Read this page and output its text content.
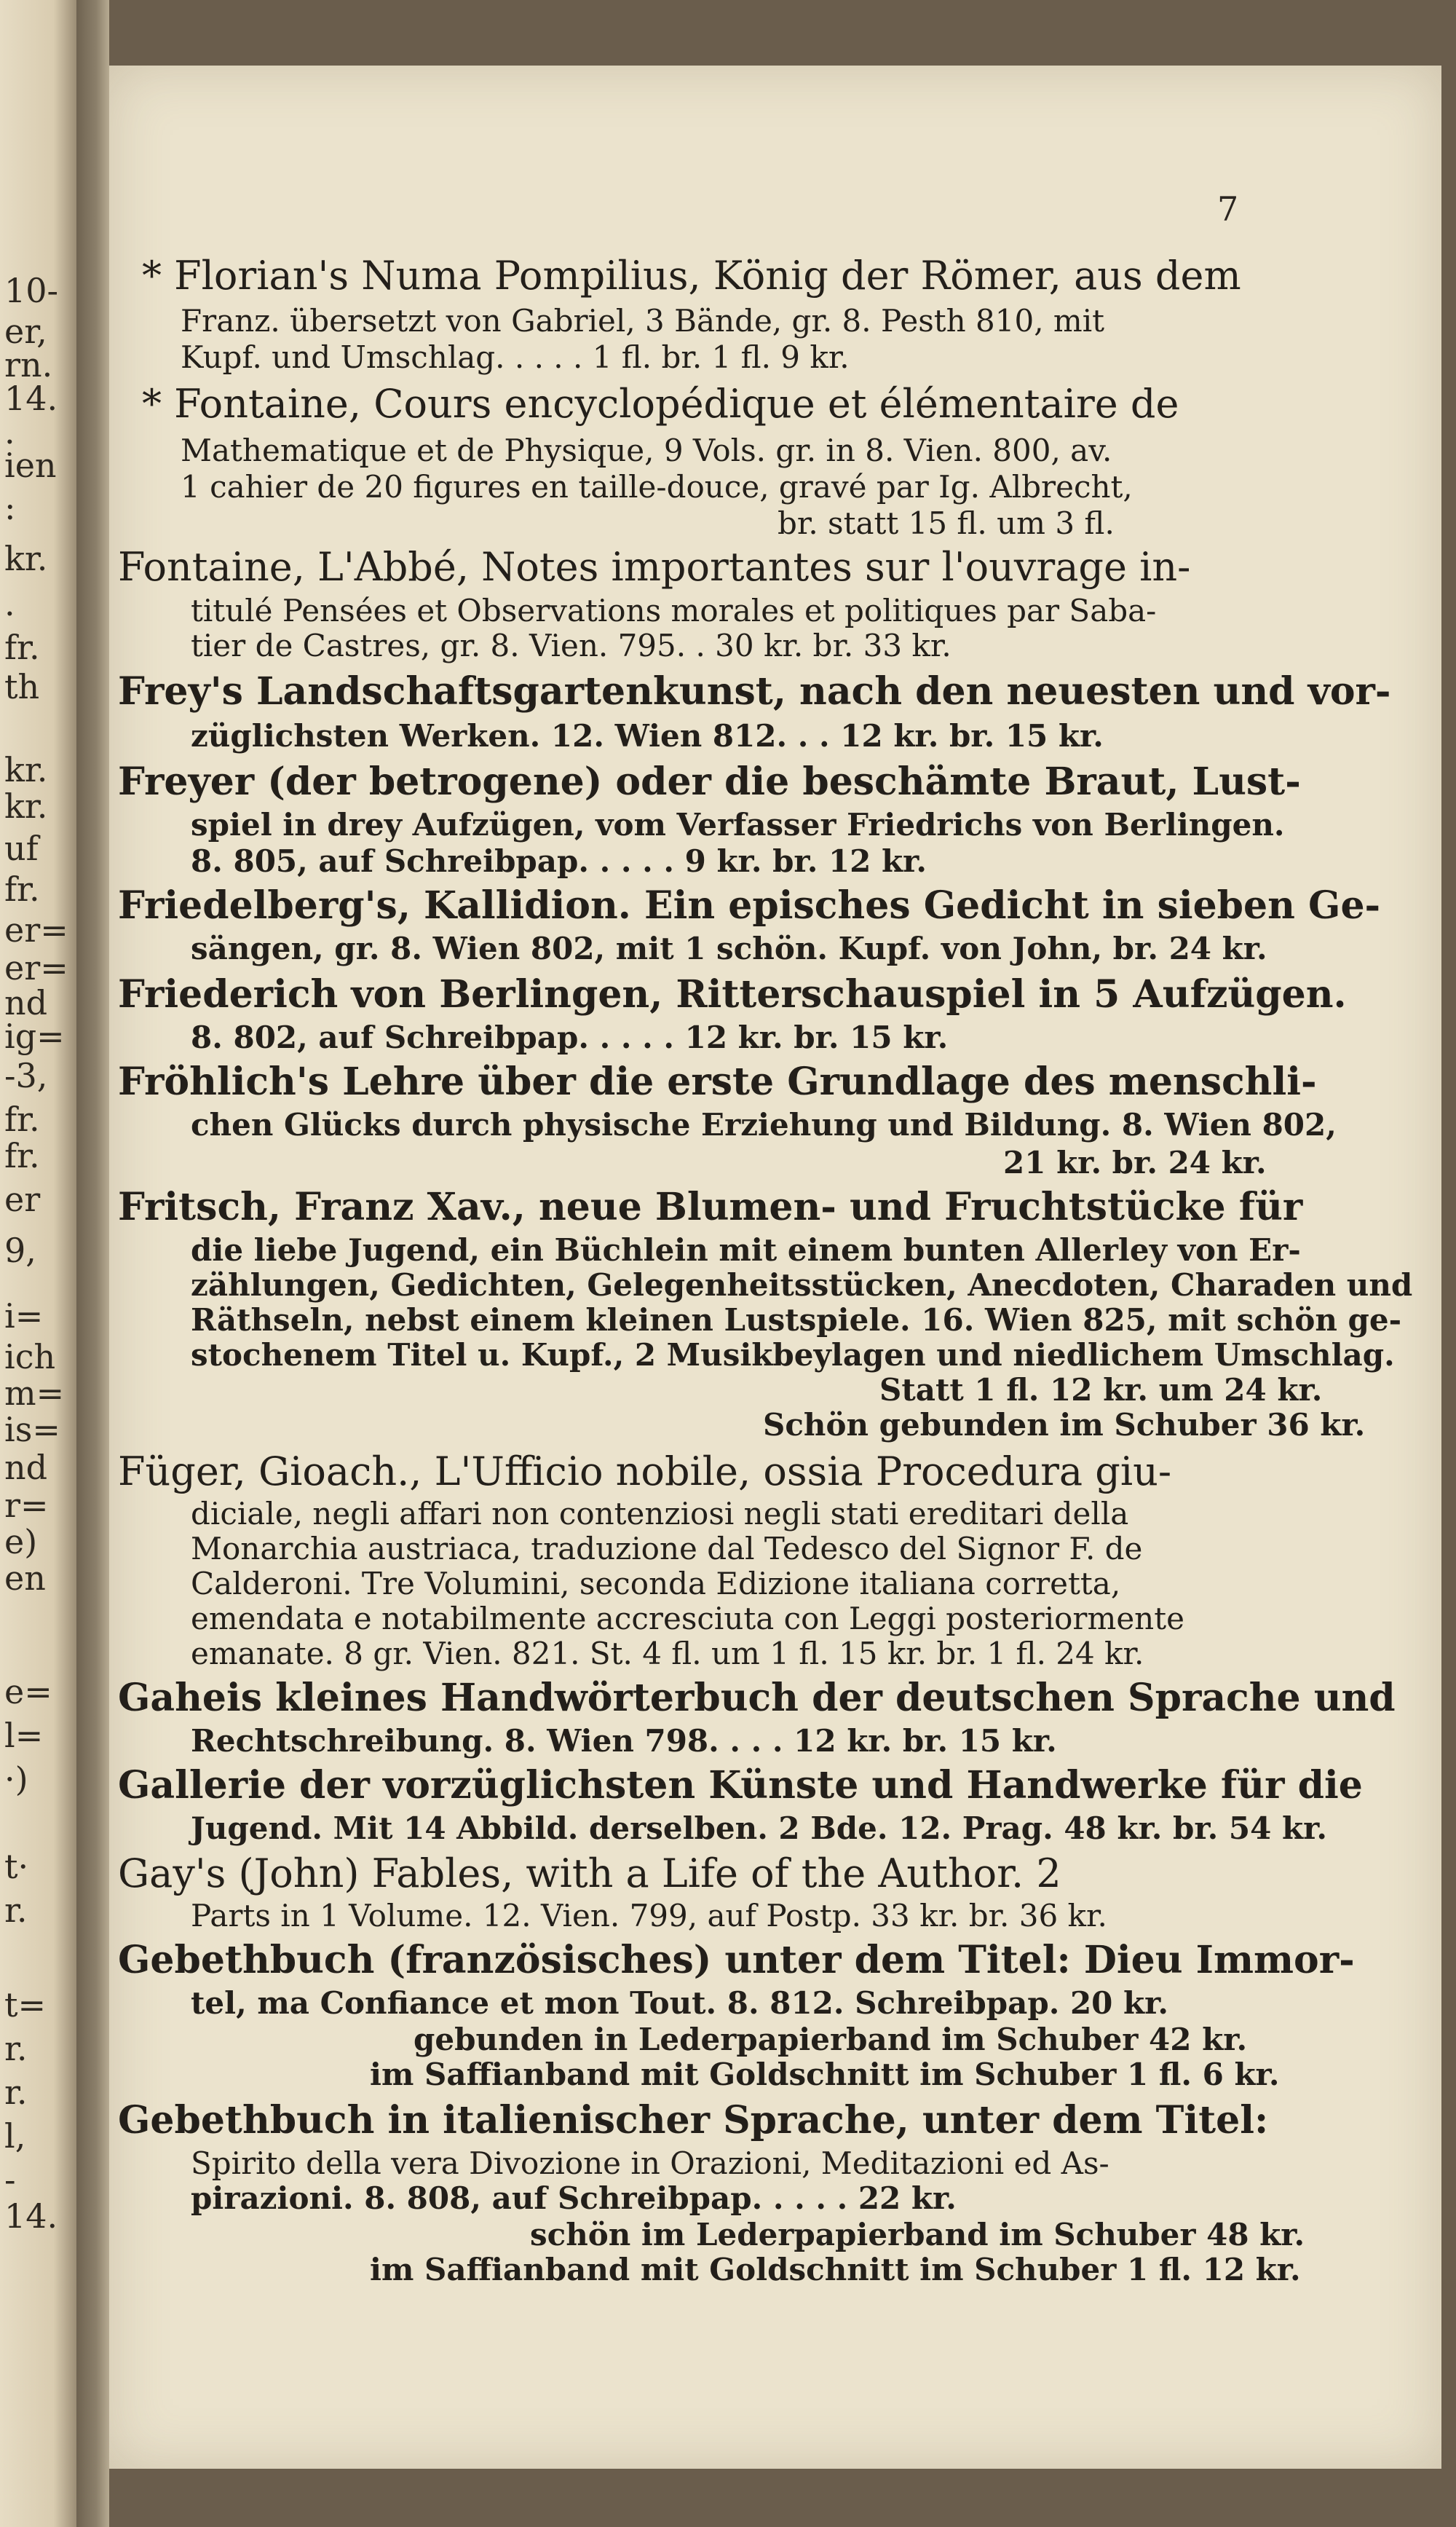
10-
er,
rn.
14.
.
ien
:
kr.
.
fr.
th
kr.
kr.
uf
fr.
er=
er=
nd
ig=
-3,
fr.
fr.
er
9,
i=
ich
m=
is=
nd
r=
e)
en
e=
l=
·)
t·
r.
t=
r.
r.
l,
-
14.
7
* Florian's Numa Pompilius, König der Römer, aus dem
Franz. übersetzt von Gabriel, 3 Bände, gr. 8. Pesth 810, mit
Kupf. und Umschlag. . . . . 1 fl. br. 1 fl. 9 kr.
* Fontaine, Cours encyclopédique et élémentaire de
Mathematique et de Physique, 9 Vols. gr. in 8. Vien. 800, av.
1 cahier de 20 figures en taille-douce, gravé par Ig. Albrecht,
br. statt 15 fl. um 3 fl.
Fontaine, L'Abbé, Notes importantes sur l'ouvrage in-
titulé Pensées et Observations morales et politiques par Saba-
tier de Castres, gr. 8. Vien. 795. . 30 kr. br. 33 kr.
Frey's Landschaftsgartenkunst, nach den neuesten und vor-
züglichsten Werken. 12. Wien 812. . . 12 kr. br. 15 kr.
Freyer (der betrogene) oder die beschämte Braut, Lust-
spiel in drey Aufzügen, vom Verfasser Friedrichs von Berlingen.
8. 805, auf Schreibpap. . . . . 9 kr. br. 12 kr.
Friedelberg's, Kallidion. Ein episches Gedicht in sieben Ge-
sängen, gr. 8. Wien 802, mit 1 schön. Kupf. von John, br. 24 kr.
Friederich von Berlingen, Ritterschauspiel in 5 Aufzügen.
8. 802, auf Schreibpap. . . . . 12 kr. br. 15 kr.
Fröhlich's Lehre über die erste Grundlage des menschli-
chen Glücks durch physische Erziehung und Bildung. 8. Wien 802,
21 kr. br. 24 kr.
Fritsch, Franz Xav., neue Blumen- und Fruchtstücke für
die liebe Jugend, ein Büchlein mit einem bunten Allerley von Er-
zählungen, Gedichten, Gelegenheitsstücken, Anecdoten, Charaden und
Räthseln, nebst einem kleinen Lustspiele. 16. Wien 825, mit schön ge-
stochenem Titel u. Kupf., 2 Musikbeylagen und niedlichem Umschlag.
Statt 1 fl. 12 kr. um 24 kr.
Schön gebunden im Schuber 36 kr.
Füger, Gioach., L'Ufficio nobile, ossia Procedura giu-
diciale, negli affari non contenziosi negli stati ereditari della
Monarchia austriaca, traduzione dal Tedesco del Signor F. de
Calderoni. Tre Volumini, seconda Edizione italiana corretta,
emendata e notabilmente accresciuta con Leggi posteriormente
emanate. 8 gr. Vien. 821. St. 4 fl. um 1 fl. 15 kr. br. 1 fl. 24 kr.
Gaheis kleines Handwörterbuch der deutschen Sprache und
Rechtschreibung. 8. Wien 798. . . . 12 kr. br. 15 kr.
Gallerie der vorzüglichsten Künste und Handwerke für die
Jugend. Mit 14 Abbild. derselben. 2 Bde. 12. Prag. 48 kr. br. 54 kr.
Gay's (John) Fables, with a Life of the Author. 2
Parts in 1 Volume. 12. Vien. 799, auf Postp. 33 kr. br. 36 kr.
Gebethbuch (französisches) unter dem Titel: Dieu Immor-
tel, ma Confiance et mon Tout. 8. 812. Schreibpap. 20 kr.
gebunden in Lederpapierband im Schuber 42 kr.
im Saffianband mit Goldschnitt im Schuber 1 fl. 6 kr.
Gebethbuch in italienischer Sprache, unter dem Titel:
Spirito della vera Divozione in Orazioni, Meditazioni ed As-
pirazioni. 8. 808, auf Schreibpap. . . . . 22 kr.
schön im Lederpapierband im Schuber 48 kr.
im Saffianband mit Goldschnitt im Schuber 1 fl. 12 kr.
